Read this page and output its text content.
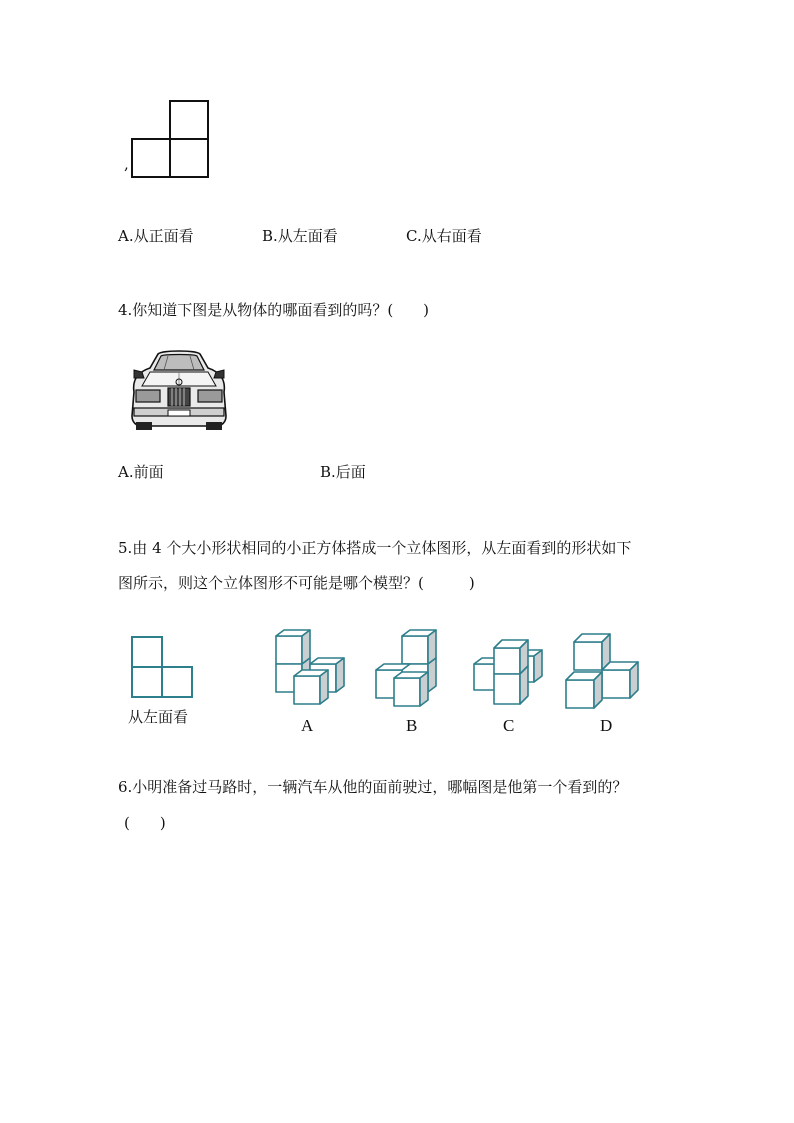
,
A.从正面看	B.从左面看	C.从右面看
4.你知道下图是从物体的哪面看到的吗？(　　)
A.前面	B.后面
5.由 4 个大小形状相同的小正方体搭成一个立体图形，从左面看到的形状如下
图所示，则这个立体图形不可能是哪个模型？(　　　)
从左面看	A	B	C	D
6.小明准备过马路时，一辆汽车从他的面前驶过，哪幅图是他第一个看到的？
(　　)
